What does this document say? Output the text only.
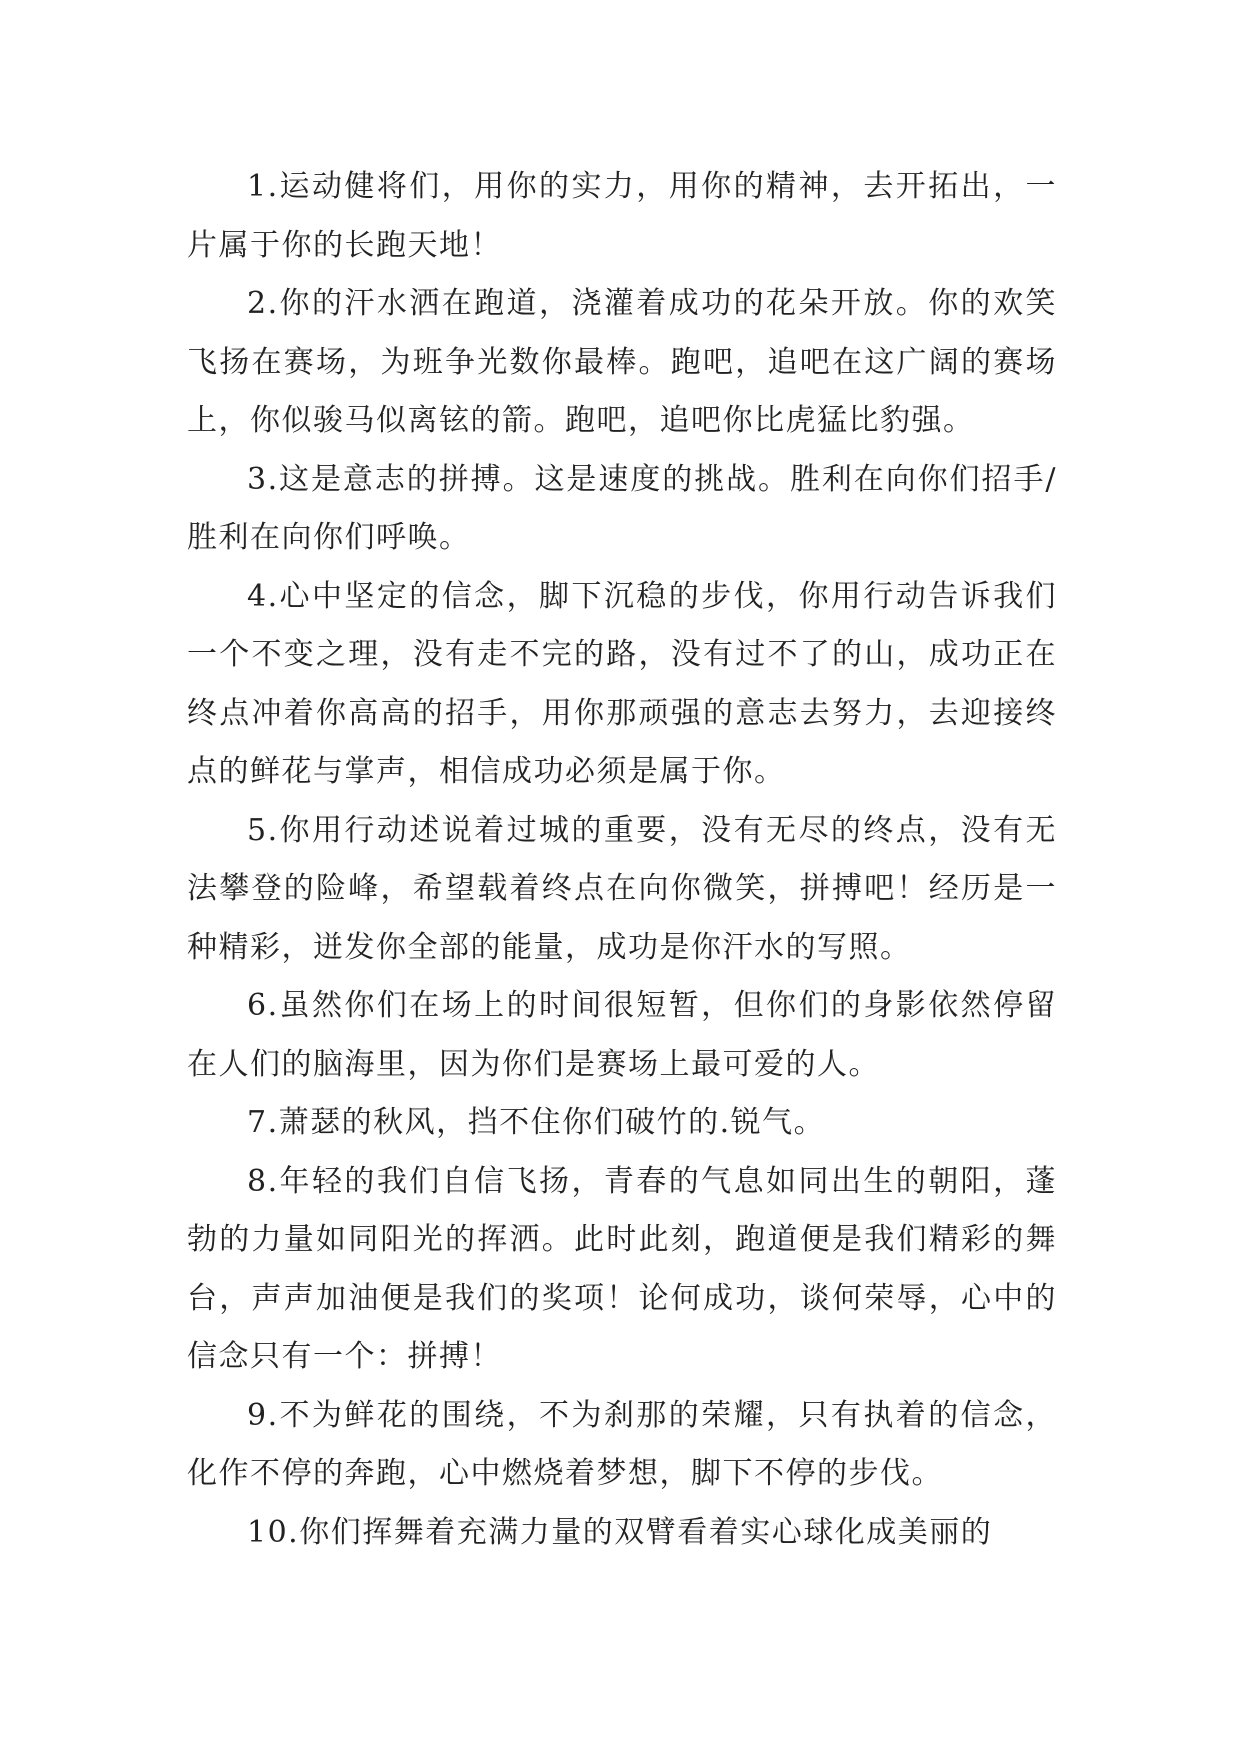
1.运动健将们，用你的实力，用你的精神，去开拓出，一片属于你的长跑天地！

2.你的汗水洒在跑道，浇灌着成功的花朵开放。你的欢笑飞扬在赛场，为班争光数你最棒。跑吧，追吧在这广阔的赛场上，你似骏马似离铉的箭。跑吧，追吧你比虎猛比豹强。

3.这是意志的拼搏。这是速度的挑战。胜利在向你们招手/胜利在向你们呼唤。

4.心中坚定的信念，脚下沉稳的步伐，你用行动告诉我们一个不变之理，没有走不完的路，没有过不了的山，成功正在终点冲着你高高的招手，用你那顽强的意志去努力，去迎接终点的鲜花与掌声，相信成功必须是属于你。

5.你用行动述说着过城的重要，没有无尽的终点，没有无法攀登的险峰，希望载着终点在向你微笑，拼搏吧！经历是一种精彩，迸发你全部的能量，成功是你汗水的写照。

6.虽然你们在场上的时间很短暂，但你们的身影依然停留在人们的脑海里，因为你们是赛场上最可爱的人。

7.萧瑟的秋风，挡不住你们破竹的.锐气。

8.年轻的我们自信飞扬，青春的气息如同出生的朝阳，蓬勃的力量如同阳光的挥洒。此时此刻，跑道便是我们精彩的舞台，声声加油便是我们的奖项！论何成功，谈何荣辱，心中的信念只有一个：拼搏！

9.不为鲜花的围绕，不为刹那的荣耀，只有执着的信念，化作不停的奔跑，心中燃烧着梦想，脚下不停的步伐。

10.你们挥舞着充满力量的双臂看着实心球化成美丽的
